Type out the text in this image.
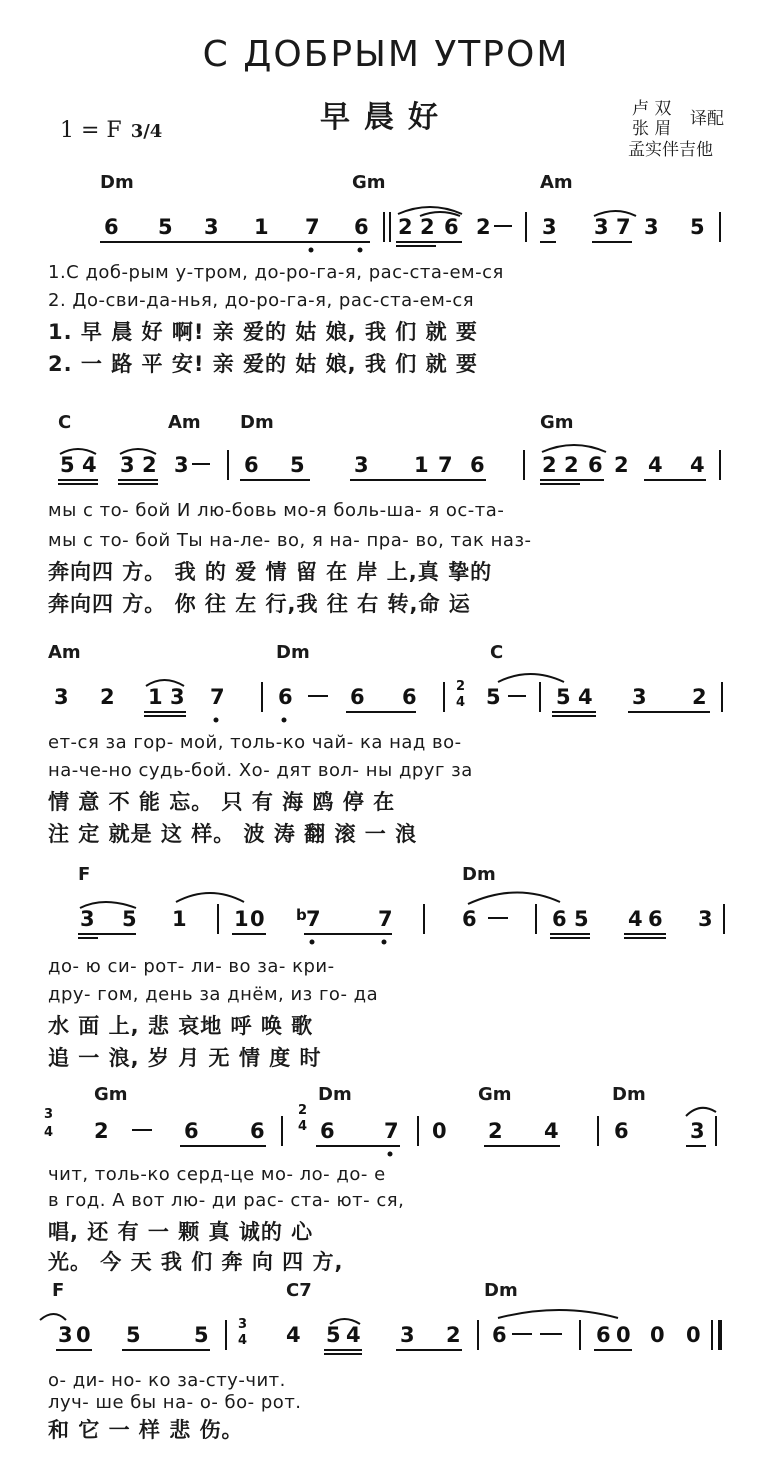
С ДОБРЫМ УТРОМ
早晨好
1 = F 3/4
卢 双
张 眉 译配
孟实伴吉他
Dm	Gm	Am
6 5 3 1 7 6 2 2 6 2 3 3 7 3 5
1.С доб-рым у-тром, до-ро-га-я, рас-ста-ем-ся
2. До-сви-да-нья, до-ро-га-я, рас-ста-ем-ся
1. 早 晨 好 啊! 亲 爱的 姑 娘, 我 们 就 要
2. 一 路 平 安! 亲 爱的 姑 娘, 我 们 就 要
C	Am Dm	Gm
5 4 3 2 3	6 5 3 1 7 6	2 2 6 2 4 4
мы с то- бой И лю-бовь мо-я боль-ша- я ос-та-
мы с то- бой Ты на-ле- во, я на- пра- во, так наз-
奔向四 方。 我 的 爱 情 留 在 岸 上,真 挚的
奔向四 方。 你 往 左 行,我 往 右 转,命 运
Am	Dm	C
3 2 1 3 7	6	6 6	2
4 5	5 4 3 2
ет-ся за гор- мой, толь-ко чай- ка над во-
на-че-но судь-бой. Хо- дят вол- ны друг за
情 意 不 能 忘。 只 有 海 鸥 停 在
注 定 就是 这 样。 波 涛 翻 滚 一 浪
F	Dm
3 5 1 1 0 b 7	7	6	6 5 4 6 3
до- ю си- рот- ли- во за- кри-
дру- гом, день за днём, из го- да
水 面 上, 悲 哀地 呼 唤 歌
追 一 浪, 岁 月 无 情 度 时
Gm	Dm	Gm	Dm
3
4 2	6 6
2
4 6 7 0 2 4	6	3
чит, толь-ко серд-це мо- ло- до- е
в год. А вот лю- ди рас- ста- ют- ся,
唱, 还 有 一 颗 真 诚的 心
光。 今 天 我 们 奔 向 四 方,
F	C7	Dm
3 0 5	5 3
4 4 5 4 3 2 6	6 0 0 0
о- ди- но- ко за-сту-чит.
луч- ше бы на- о- бо- рот.
和 它 一 样 悲 伤。
